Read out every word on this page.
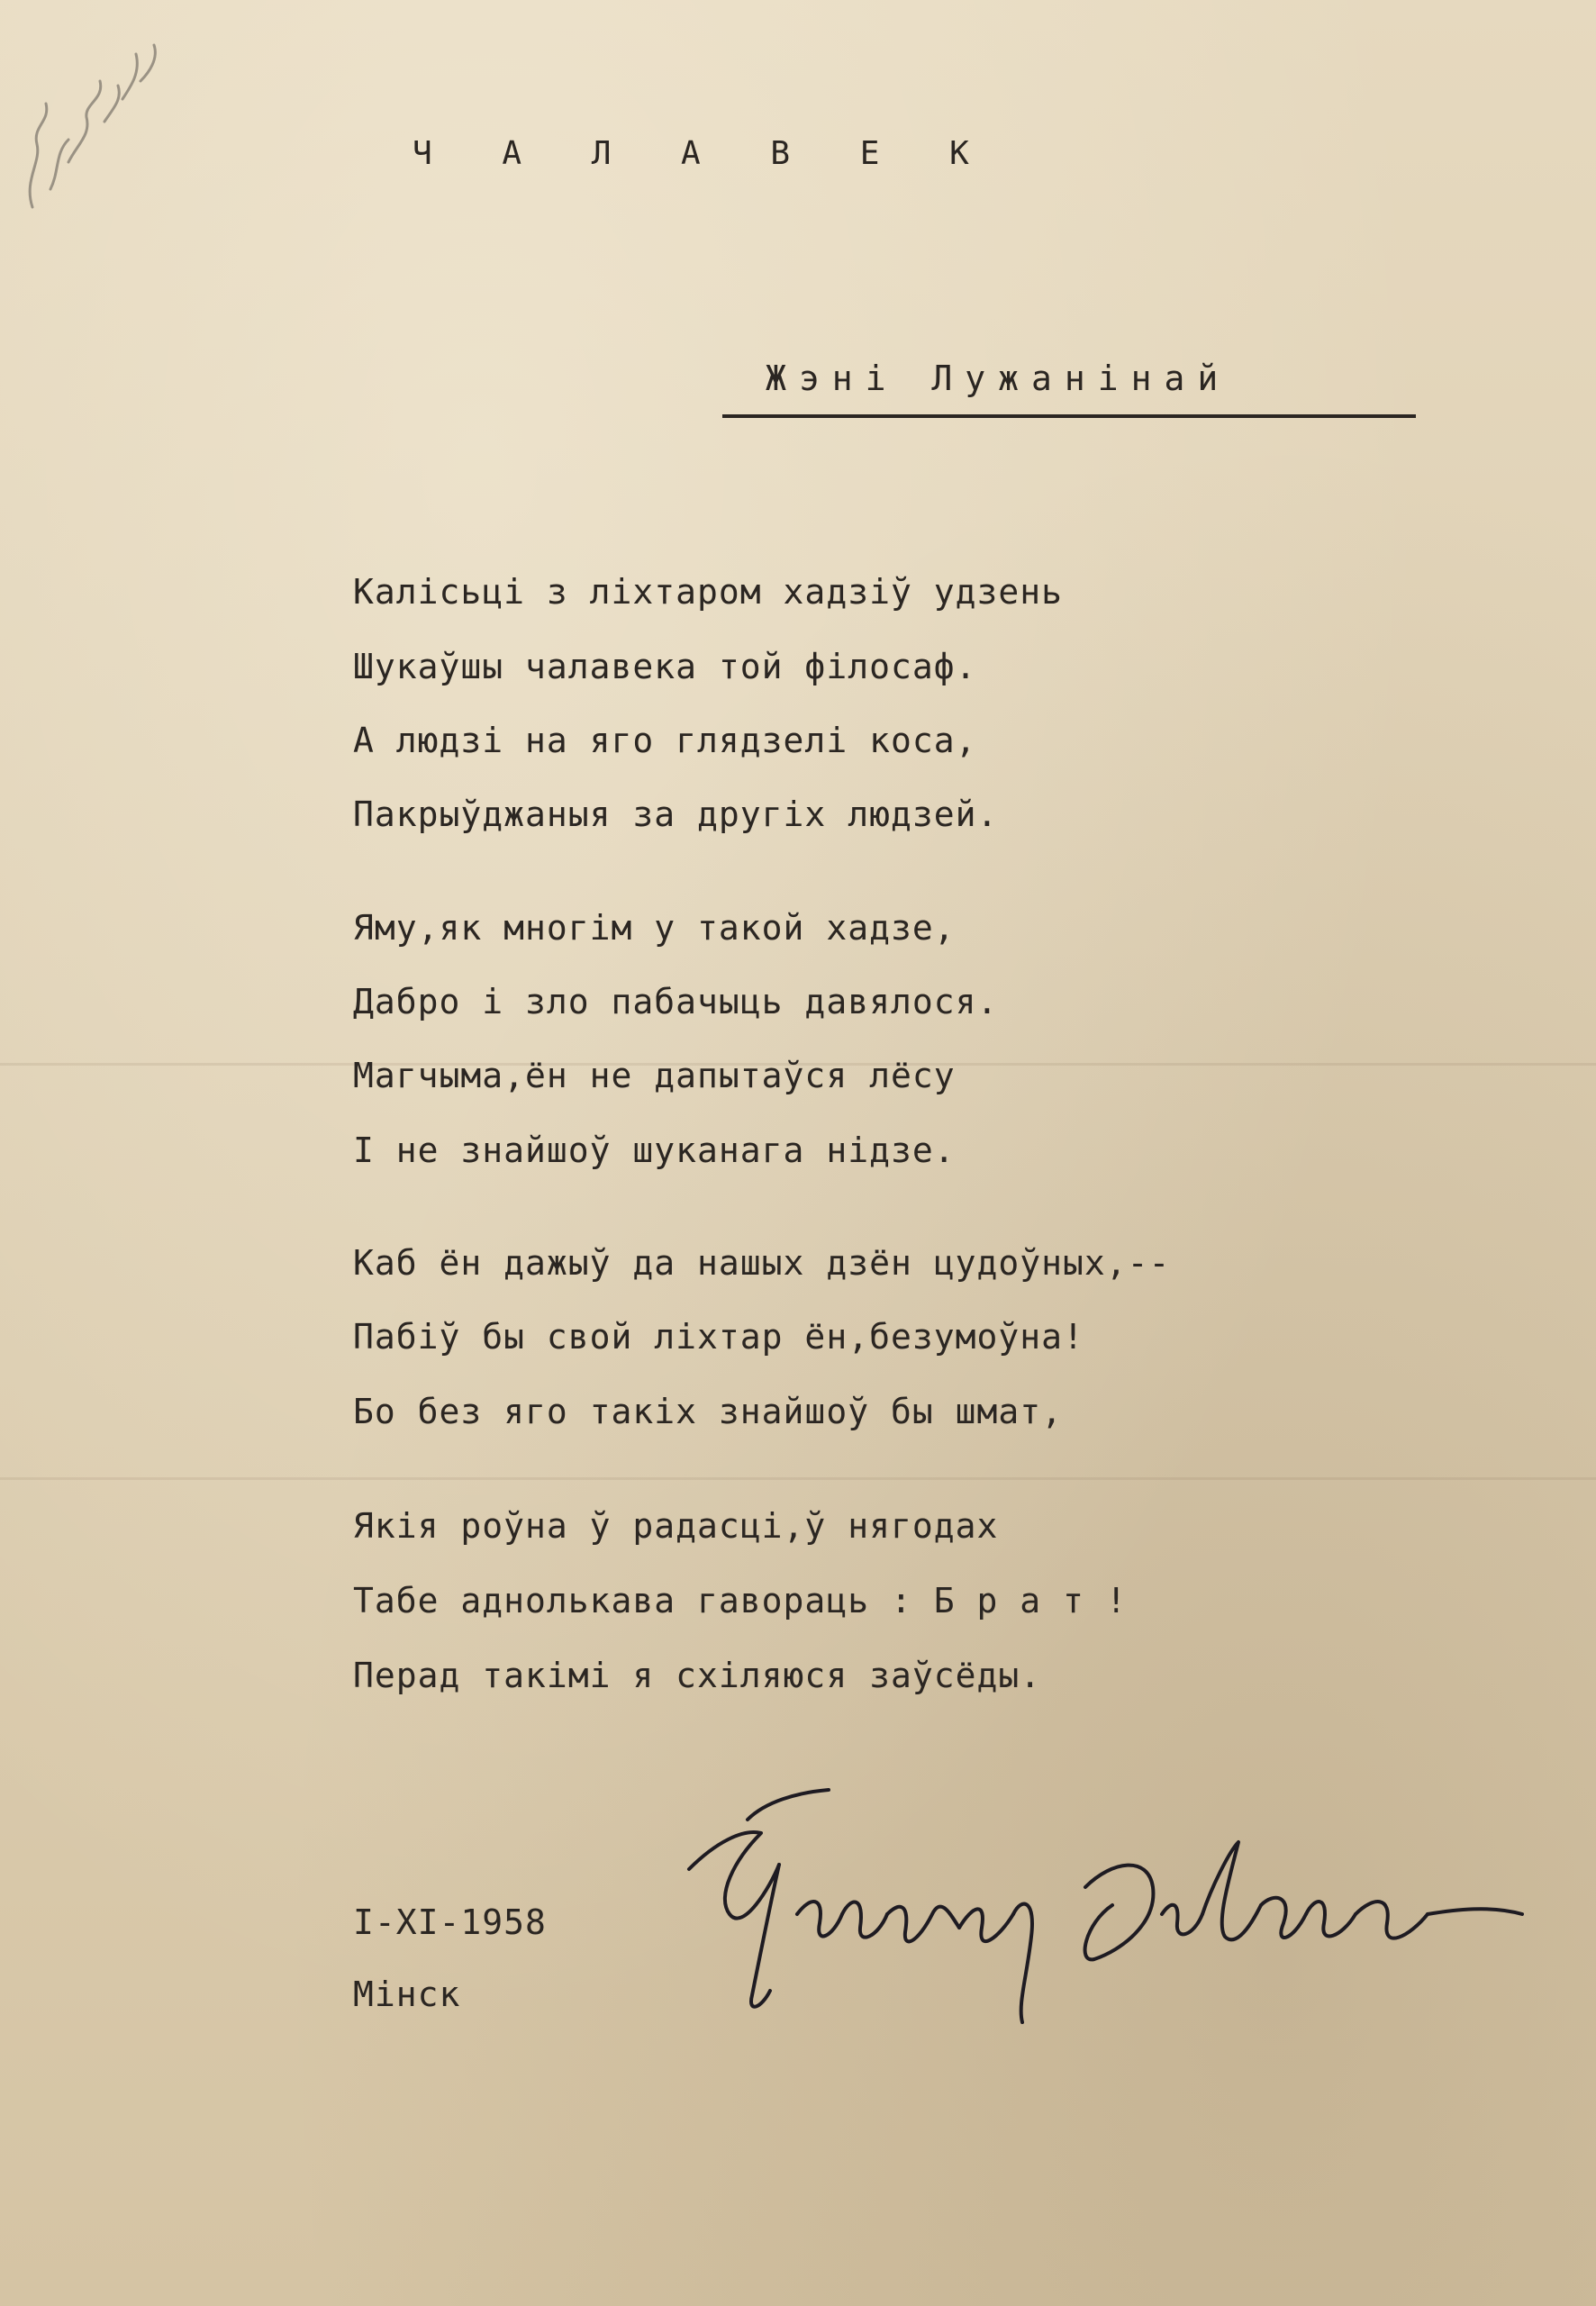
Ч А Л А В Е К
Жэні Лужанінай
Калісьці з ліхтаром хадзіў удзень
Шукаўшы чалавека той філосаф.
А людзі на яго глядзелі коса,
Пакрыўджаныя за другіх людзей.
Яму,як многім у такой хадзе,
Дабро і зло пабачыць давялося.
Магчыма,ён не дапытаўся лёсу
І не знайшоў шуканага нідзе.
Каб ён дажыў да нашых дзён цудоўных,--
Пабіў бы свой ліхтар ён,безумоўна!
Бо без яго такіх знайшоў бы шмат,
Якія роўна ў радасці,ў нягодах
Табе аднолькава гавораць : Б р а т !
Перад такімі я схіляюся заўсёды.
І-ХІ-1958
Мінск
